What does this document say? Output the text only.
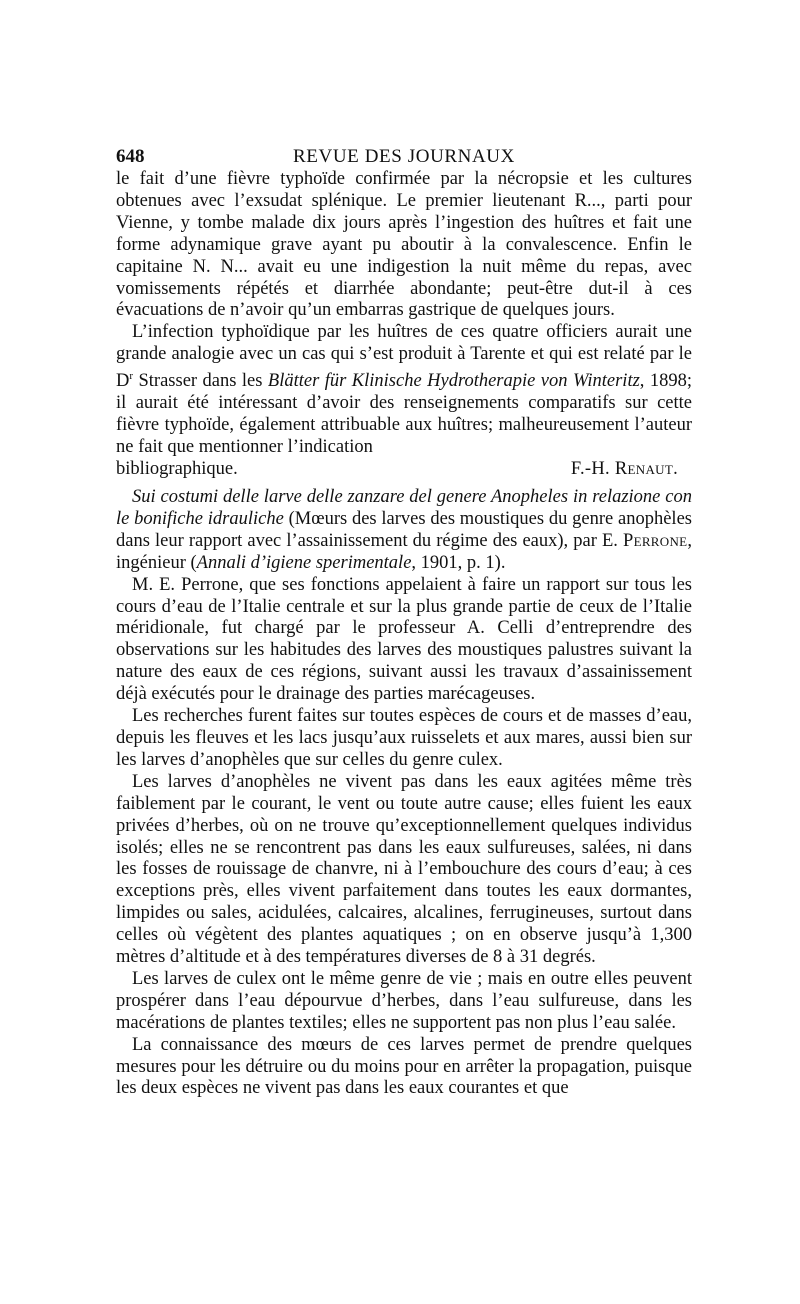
648	REVUE DES JOURNAUX

le fait d’une fièvre typhoïde confirmée par la nécropsie et les cultures obtenues avec l’exsudat splénique. Le premier lieutenant R..., parti pour Vienne, y tombe malade dix jours après l’ingestion des huîtres et fait une forme adynamique grave ayant pu aboutir à la convalescence. Enfin le capitaine N. N... avait eu une indigestion la nuit même du repas, avec vomissements répétés et diarrhée abondante; peut-être dut-il à ces évacuations de n’avoir qu’un embarras gastrique de quelques jours.

L’infection typhoïdique par les huîtres de ces quatre officiers aurait une grande analogie avec un cas qui s’est produit à Tarente et qui est relaté par le $D^r$ Strasser dans les Blätter für Klinische Hydrotherapie von Winteritz, 1898; il aurait été intéressant d’avoir des renseignements comparatifs sur cette fièvre typhoïde, également attribuable aux huîtres; malheureusement l’auteur ne fait que mentionner l’indication

bibliographique.	F.-H. Renaut.

Sui costumi delle larve delle zanzare del genere Anopheles in relazione con le bonifiche idrauliche (Mœurs des larves des moustiques du genre anophèles dans leur rapport avec l’assainissement du régime des eaux), par E. Perrone, ingénieur (Annali d’igiene sperimentale, 1901, p. 1).

M. E. Perrone, que ses fonctions appelaient à faire un rapport sur tous les cours d’eau de l’Italie centrale et sur la plus grande partie de ceux de l’Italie méridionale, fut chargé par le professeur A. Celli d’entreprendre des observations sur les habitudes des larves des moustiques palustres suivant la nature des eaux de ces régions, suivant aussi les travaux d’assainissement déjà exécutés pour le drainage des parties marécageuses.

Les recherches furent faites sur toutes espèces de cours et de masses d’eau, depuis les fleuves et les lacs jusqu’aux ruisselets et aux mares, aussi bien sur les larves d’anophèles que sur celles du genre culex.

Les larves d’anophèles ne vivent pas dans les eaux agitées même très faiblement par le courant, le vent ou toute autre cause; elles fuient les eaux privées d’herbes, où on ne trouve qu’exceptionnellement quelques individus isolés; elles ne se rencontrent pas dans les eaux sulfureuses, salées, ni dans les fosses de rouissage de chanvre, ni à l’embouchure des cours d’eau; à ces exceptions près, elles vivent parfaitement dans toutes les eaux dormantes, limpides ou sales, acidulées, calcaires, alcalines, ferrugineuses, surtout dans celles où végètent des plantes aquatiques ; on en observe jusqu’à 1,300 mètres d’altitude et à des températures diverses de 8 à 31 degrés.

Les larves de culex ont le même genre de vie ; mais en outre elles peuvent prospérer dans l’eau dépourvue d’herbes, dans l’eau sulfureuse, dans les macérations de plantes textiles; elles ne supportent pas non plus l’eau salée.

La connaissance des mœurs de ces larves permet de prendre quelques mesures pour les détruire ou du moins pour en arrêter la propagation, puisque les deux espèces ne vivent pas dans les eaux courantes et que
